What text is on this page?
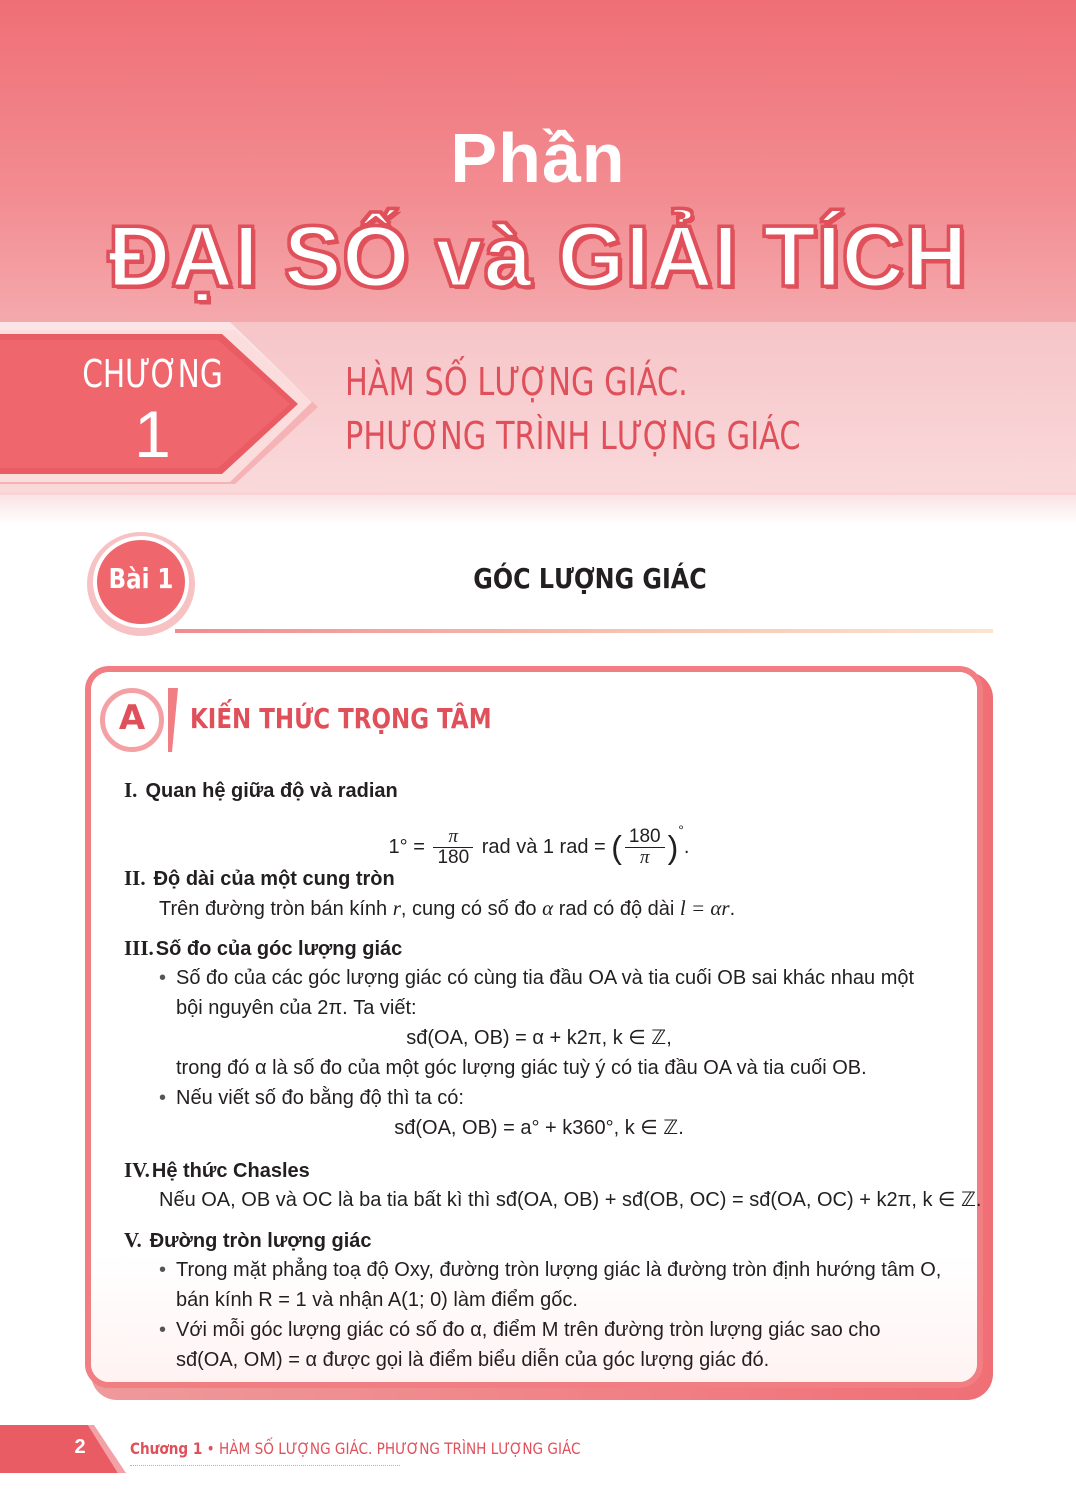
Phần
ĐẠI SỐ và GIẢI TÍCH
CHƯƠNG
1
HÀM SỐ LƯỢNG GIÁC.
PHƯƠNG TRÌNH LƯỢNG GIÁC
Bài 1	GÓC LƯỢNG GIÁC
A	KIẾN THỨC TRỌNG TÂM
I. Quan hệ giữa độ và radian
$1^\circ = \frac{\pi}{180}$ rad và 1 rad = ( $\frac{180}{\pi} )^\circ$.
II. Độ dài của một cung tròn
Trên đường tròn bán kính r, cung có số đo α rad có độ dài l = αr.
III. Số đo của góc lượng giác
• Số đo của các góc lượng giác có cùng tia đầu OA và tia cuối OB sai khác nhau một
bội nguyên của 2π. Ta viết:
sđ(OA, OB) = α + k2π, k ∈ ℤ,
trong đó α là số đo của một góc lượng giác tuỳ ý có tia đầu OA và tia cuối OB.
• Nếu viết số đo bằng độ thì ta có:
sđ(OA, OB) = a° + k360°, k ∈ ℤ.
IV. Hệ thức Chasles
Nếu OA, OB và OC là ba tia bất kì thì sđ(OA, OB) + sđ(OB, OC) = sđ(OA, OC) + k2π, k ∈ ℤ.
V. Đường tròn lượng giác
• Trong mặt phẳng toạ độ Oxy, đường tròn lượng giác là đường tròn định hướng tâm O,
bán kính R = 1 và nhận A(1; 0) làm điểm gốc.
• Với mỗi góc lượng giác có số đo α, điểm M trên đường tròn lượng giác sao cho
sđ(OA, OM) = α được gọi là điểm biểu diễn của góc lượng giác đó.
2	Chương 1 • HÀM SỐ LƯỢNG GIÁC. PHƯƠNG TRÌNH LƯỢNG GIÁC
